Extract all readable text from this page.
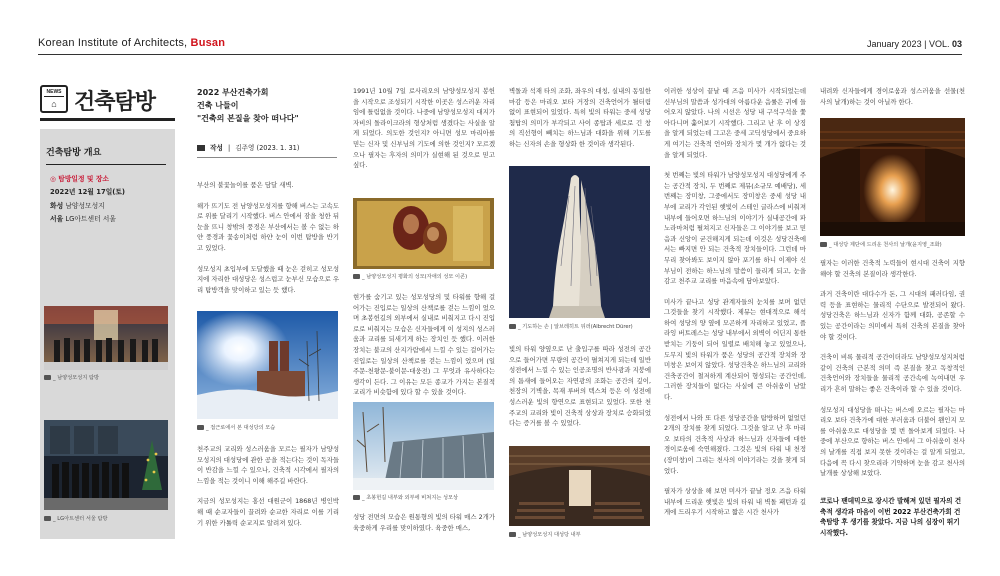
Korean Institute of Architects, Busan	January 2023 | VOL. 03
NEWS
⌂ 건축탐방
건축탐방 개요
◎ 탐방일정 및 장소
2022년 12월 17일(토)
화성 남양성모성지
서울 LG아트센터 서울
_ 남양성모성지 탐방
_ LG아트센터 서울 탐방
2022 부산건축가회
건축 나들이
"건축의 본질을 찾아 떠나다"
작성 | 김주영 (2023. 1. 31)

부산의 불꽃놀이를 품은 담달 새벽.

해가 뜨기도 전 남양성모성지를 향해 버스는 고속도로 위를 달리기 시작했다. 버스 안에서 잠을 청한 뒤 눈을 뜨니 창밖의 풍경은 부산에서는 볼 수 없는 하얀 풍경과 꽃송이처럼 하얀 눈이 이번 탐방을 반기고 있었다.

성모성지 초입부에 도달했을 때 눈은 걷히고 성모성지에 자리한 대성당은 성스럽고 눈부신 모습으로 우리 탐방객을 맞이하고 있는 듯 했다.

_ 접근로에서 본 대성당의 모습

천주교의 교리와 성스러움을 모르는 필자가 남양성모성지의 대성당에 관한 공을 적는다는 것이 독자들이 반감을 느낄 수 있으나, 건축적 시각에서 필자의 느낌을 적는 것이니 이해 해주길 바란다.

지금의 성모성지는 홍선 대원군이 1868년 병인박해 때 순교자들이 끌려와 순교한 자리로 이를 기리기 위한 카톨릭 순교지로 알려져 있다.

1991년 10월 7일 로사리오의 남양성모성지 봉헌을 시작으로 조성되기 시작한 이곳은 성스러운 자리임에 틀림없을 것이다. 나중에 남양성모성지 대지가 자비의 돌라이크라의 형상처럼 생겼다는 사실을 알게 되었다. 의도한 것인지? 아니면 성모 마리아를 믿는 신자 및 신부님의 기도에 의한 것인지? 모르겠으나 필자는 후자의 의미가 실현해 된 것으로 믿고 싶다.

_ 남양성모성지 평화의 성모(자애의 성모 이콘)

현가를 숨기고 있는 성모성당의 및 타워를 향해 걸어가는 진입로는 일상의 산책로를 걷는 느낌이 었으며 초봉헌길의 외부에서 실내로 비춰지고 다시 진입로로 비춰지는 모습은 신자들에게 이 성지의 성스러움과 교리를 되새기게 하는 장치인 듯 했다. 이러한 장치는 불교의 산지가람에서 느낄 수 있는 걸어가는 진입로는 일상의 산책로를 걷는 느낌이 었으며 (일주문-천왕문-불이문-대웅전) 그 무엇과 유사하다는 생각이 든다. 그 이유는 모든 종교가 가지는 본질적 교리가 비슷함에 있다 할 수 있을 것이다.

_ 초봉헌길 내부와 외부에 비쳐지는 성모상

성당 전면의 모습은 원통형의 빛의 타워 매스 2개가 육중하게 우리를 맞이하였다. 육중한 매스,

벽돌과 석재 타의 조화, 좌우의 대칭, 실내의 동일한 마감 등은 마리오 보타 거장의 건축언어가 될터림 없이 표현되어 있었다. 특히 빛의 타워는 중세 성당 첨탑의 의미가 부각되고 사이 종탑과 세로로 긴 창의 직선형이 빼치는 하느님과 대화을 위해 기도를 하는 신자의 손을 형상화 한 것이라 생각된다.

_ 기도하는 손 | 알브레히트 뒤러(Albrecht Dürer)

빛의 타워 양옆으로 난 출입구를 따라 성전의 공간으로 들어가면 무량의 공간이 펼쳐지게 되는데 일반 성전에서 느낄 수 있는 인공조명의 반사광과 지붕에의 틈새에 들어오는 자연광의 조화는 공간의 깊이, 천장의 기벽을, 목재 루버의 텍스쳐 등은 이 성전에 성스러운 빛의 향연으로 표현되고 있었다. 또한 천주교의 교리와 빛이 건축적 상상과 장치로 승화되었다는 증거를 볼 수 있었다.

_ 남양성모성지 대성당 내부

이러한 성상이 끝날 때 즈음 미사가 시작되었는데 신부님의 말씀과 성가대의 아름다운 음률은 귀에 들어오지 않았다. 나의 시선은 성당 내 구석구석을 쫓아다니며 훑어보기 시작했다. 그리고 난 후 이 상징을 알게 되었는데 그고은 중세 고딕성당에서 중요하게 여기는 건축적 언어와 장치가 몇 개가 없다는 것을 알게 되었다.

첫 번째는 빛의 타워가 남양성모성지 대성당에게 주는 공간적 장치, 두 번째로 제뮤(소규모 예배당), 세 번째는 장미창, 그중에서도 장미창은 중세 성당 내부에 교리가 각인된 햇빛이 스테인 글라스에 비춰져 내부에 들어오면 하느님의 이야기가 실내공간에 파노라마처럼 펼쳐지고 신자들은 그 이야기를 보고 믿음과 신앙이 굳건해지게 되는데 이것은 성당건축에서는 빠지면 안 되는 건축적 장치들이다. 그런데 마무리 찾아봐도 보이지 않아 포기를 하니 이제야 신부님이 전하는 하느님의 말씀이 들리게 되고, 눈을 감고 천주교 교리를 마음속에 담아보았다.

미사가 끝나고 성당 관계자들의 눈치를 보며 없던 그것들을 찾기 시작했다. 제뮤는 현대적으로 해석 하여 성당의 양 옆에 모곤하게 자리하고 있었고, 플라잉 버트레스는 성당 내부에서 외벽이 어딘지 통한 받치는 기둥이 되어 일렬로 배치해 놓고 있었으나, 도무지 빛의 타워가 품은 성당의 공간적 장치와 장미창은 보이지 않았다. 성당건축은 하느님의 교리와 건축공간이 철저하게 계산되어 형성되는 공간인데, 그러한 장치들이 없다는 사실에 큰 아쉬움이 남았다.

성전에서 나와 또 다른 성당공간을 탐방하며 없었던 2개의 장치를 찾게 되었다. 그것을 알고 난 후 마리오 보타의 건축적 사상과 하느님과 신자들에 대한 경이로움에 숙연해졌다. 그것은 빛의 타워 내 천정(장미창)이 그리는 천사의 이야기라는 것을 찾게 되었다.

필자가 상상을 해 보면 미사가 끝날 정오 즈음 타워 내부에 드리운 햇빛은 빛의 타워 내 벽돌 패턴과 길게에 드리우기 시작하고 짧은 시간 천사가

내려와 신자들에게 경이로움과 성스러움을 선물(천사의 날개)하는 것이 아닐까 한다.

_ 대성당 제단에 드리운 천사의 날개(윤지영_조화)

필자는 이러한 건축적 노력들이 현시대 건축이 지향해야 할 건축의 본질이라 생각한다.

과거 건축이란 대다수가 돈, 그 시대의 패러다임, 권력 등을 표현하는 물리적 수단으로 발전되어 왔다. 성당건축은 하느님과 신자가 함께 대화, 공존할 수 있는 공간이라는 의미에서 특히 건축의 본질을 찾아야 할 것이다.

건축이 비록 물리적 공간이더라도 남양성모성지처럼 같이 건축의 근본적 의미 즉 본질을 찾고 독창적인 건축언어와 장치들을 물리적 공간속에 녹여내면 우리가 흔히 말하는 좋은 건축이라 할 수 있을 것이다.

성모성지 대성당을 떠나는 버스에 오르는 필자는 마리오 보타 건축가에 대한 부러움과 더불어 왠인지 모를 아쉬움으로 대성당을 몇 번 돌아보게 되었다. 나중에 부산으로 향하는 버스 안에서 그 아쉬움이 천사의 날개를 직접 보지 못한 것이라는 걸 알게 되었고, 다음에 꼭 다시 찾으리라 기약하며 눈을 감고 천사의 날개를 상상해 보았다.

코로나 팬데믹으로 장시간 발해져 있던 필자의 건축적 생각과 마음이 이번 2022 부산건축가회 건축탐방 후 생기를 찾았다. 지금 나의 심장이 뛰기 시작했다.
